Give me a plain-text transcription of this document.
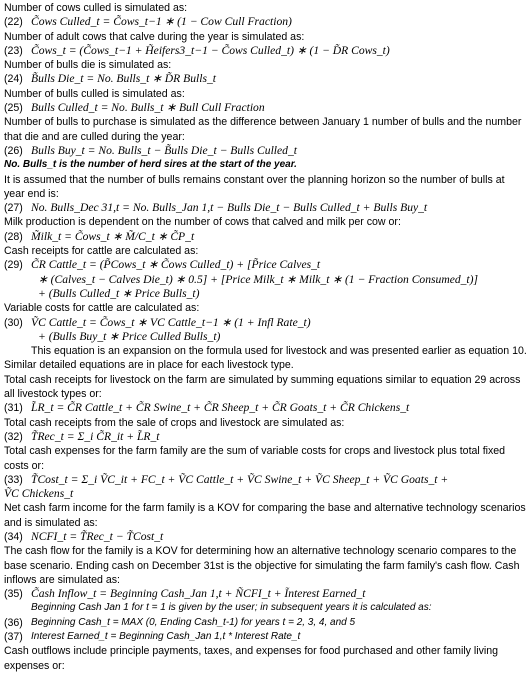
Number of cows culled is simulated as:

(22) C̃ows Culled_t = C̃ows_t−1 ∗ (1 − Cow Cull Fraction)

Number of adult cows that calve during the year is simulated as:

(23) C̃ows_t = (C̃ows_t−1 + H̃eifers3_t−1 − C̃ows Culled_t) ∗ (1 − D̃R Cows_t)

Number of bulls die is simulated as:

(24) B̃ulls Die_t = No. Bulls_t ∗ D̃R Bulls_t

Number of bulls culled is simulated as:

(25) Bulls Culled_t = No. Bulls_t ∗ Bull Cull Fraction

Number of bulls to purchase is simulated as the difference between January 1 number of bulls and the number that die and are culled during the year:

(26) Bulls Buy_t = No. Bulls_t − B̃ulls Die_t − Bulls Culled_t

No. Bulls_t is the number of herd sires at the start of the year.

It is assumed that the number of bulls remains constant over the planning horizon so the number of bulls at year end is:

(27) No. Bulls_Dec 31,t = No. Bulls_Jan 1,t − Bulls Die_t − Bulls Culled_t + Bulls Buy_t

Milk production is dependent on the number of cows that calved and milk per cow or:

(28) M̃ilk_t = C̃ows_t ∗ M̃/C_t ∗ C̃P_t

Cash receipts for cattle are calculated as:

(29) C̃R Cattle_t = (P̃Cows_t ∗ C̃ows Culled_t) + [P̃rice Calves_t

∗ (Calves_t − Calves Die_t) ∗ 0.5] + [Price Milk_t ∗ Milk_t ∗ (1 − Fraction Consumed_t)]

+ (Bulls Culled_t ∗ Price Bulls_t)

Variable costs for cattle are calculated as:

(30) ṼC Cattle_t = C̃ows_t ∗ VC Cattle_t−1 ∗ (1 + Infl Rate_t)

+ (Bulls Buy_t ∗ Price Culled Bulls_t)

This equation is an expansion on the formula used for livestock and was presented earlier as equation 10. Similar detailed equations are in place for each livestock type.

Total cash receipts for livestock on the farm are simulated by summing equations similar to equation 29 across all livestock types or:

(31) L̃R_t = C̃R Cattle_t + C̃R Swine_t + C̃R Sheep_t + C̃R Goats_t + C̃R Chickens_t

Total cash receipts from the sale of crops and livestock are simulated as:

(32) T̃Rec_t = Σ_i C̃R_it + L̃R_t

Total cash expenses for the farm family are the sum of variable costs for crops and livestock plus total fixed costs or:

(33) T̃Cost_t = Σ_i ṼC_it + FC_t + ṼC Cattle_t + ṼC Swine_t + ṼC Sheep_t + ṼC Goats_t +

ṼC Chickens_t

Net cash farm income for the farm family is a KOV for comparing the base and alternative technology scenarios and is simulated as:

(34) NCFI_t = T̃Rec_t − T̃Cost_t

The cash flow for the family is a KOV for determining how an alternative technology scenario compares to the base scenario. Ending cash on December 31st is the objective for simulating the farm family's cash flow. Cash inflows are simulated as:

(35) C̃ash Inflow_t = Beginning Cash_Jan 1,t + ÑCFI_t + Ĩnterest Earned_t

Beginning Cash Jan 1 for t = 1 is given by the user; in subsequent years it is calculated as:

(36) Beginning Cash_t = MAX (0, Ending Cash_t-1) for years t = 2, 3, 4, and 5

(37) Interest Earned_t = Beginning Cash_Jan 1,t * Interest Rate_t

Cash outflows include principle payments, taxes, and expenses for food purchased and other family living expenses or:
